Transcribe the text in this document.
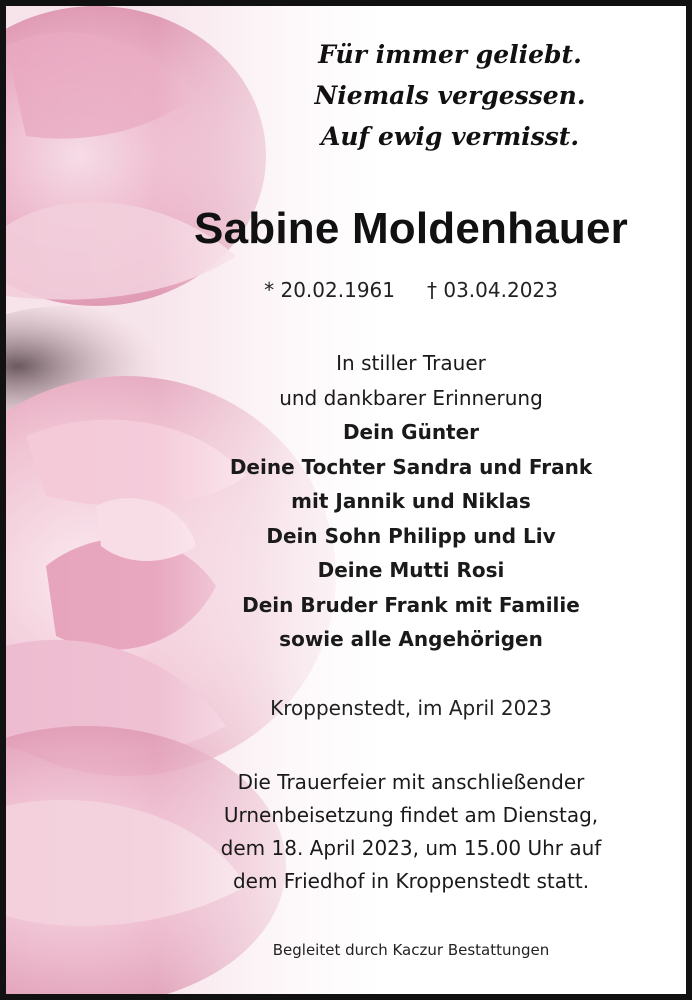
Für immer geliebt.
Niemals vergessen.
Auf ewig vermisst.
Sabine Moldenhauer
* 20.02.1961 † 03.04.2023
In stiller Trauer
und dankbarer Erinnerung
Dein Günter
Deine Tochter Sandra und Frank
mit Jannik und Niklas
Dein Sohn Philipp und Liv
Deine Mutti Rosi
Dein Bruder Frank mit Familie
sowie alle Angehörigen
Kroppenstedt, im April 2023
Die Trauerfeier mit anschließender
Urnenbeisetzung findet am Dienstag,
dem 18. April 2023, um 15.00 Uhr auf
dem Friedhof in Kroppenstedt statt.
Begleitet durch Kaczur Bestattungen
